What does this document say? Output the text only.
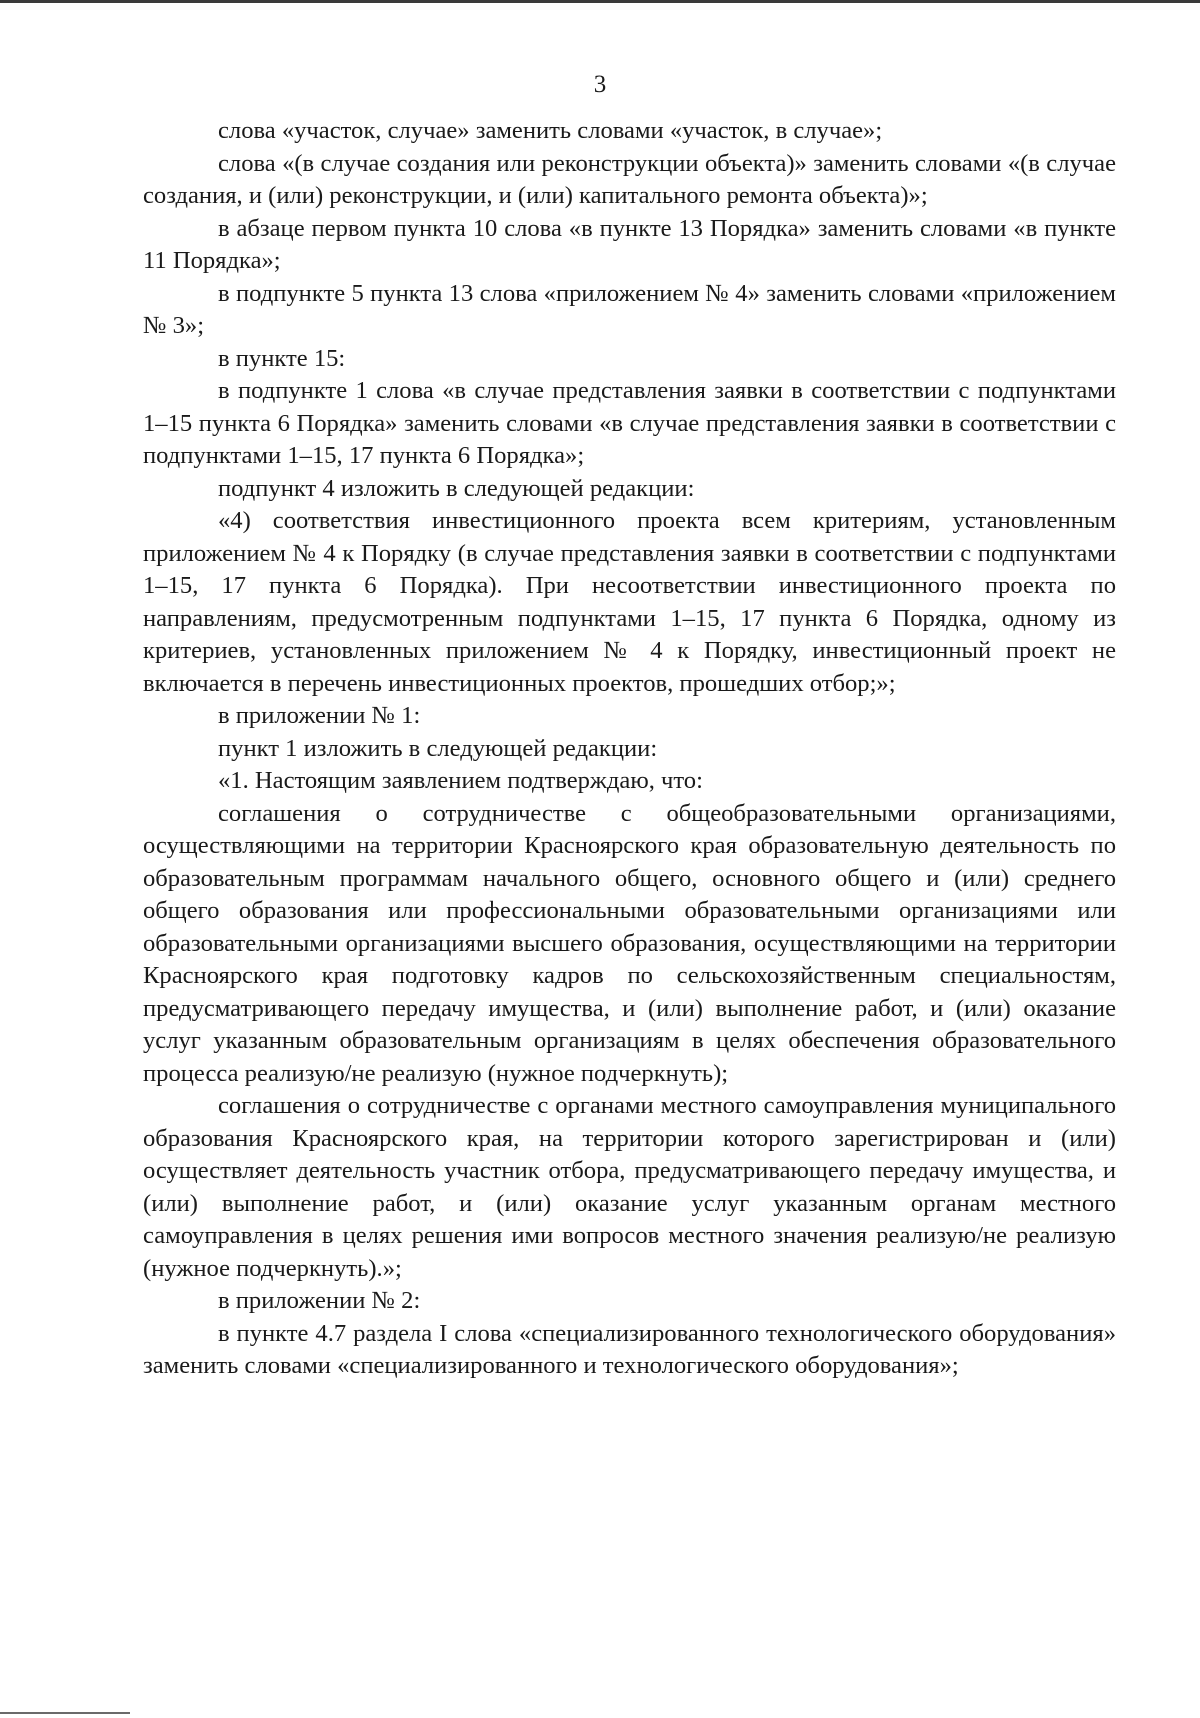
3

слова «участок, случае» заменить словами «участок, в случае»;

слова «(в случае создания или реконструкции объекта)» заменить словами «(в случае создания, и (или) реконструкции, и (или) капитального ремонта объекта)»;

в абзаце первом пункта 10 слова «в пункте 13 Порядка» заменить словами «в пункте 11 Порядка»;

в подпункте 5 пункта 13 слова «приложением № 4» заменить словами «приложением № 3»;

в пункте 15:

в подпункте 1 слова «в случае представления заявки в соответствии с подпунктами 1–15 пункта 6 Порядка» заменить словами «в случае представления заявки в соответствии с подпунктами 1–15, 17 пункта 6 Порядка»;

подпункт 4 изложить в следующей редакции:

«4) соответствия инвестиционного проекта всем критериям, установленным приложением № 4 к Порядку (в случае представления заявки в соответствии с подпунктами 1–15, 17 пункта 6 Порядка). При несоответствии инвестиционного проекта по направлениям, предусмотренным подпунктами 1–15, 17 пункта 6 Порядка, одному из критериев, установленных приложением № 4 к Порядку, инвестиционный проект не включается в перечень инвестиционных проектов, прошедших отбор;»;

в приложении № 1:

пункт 1 изложить в следующей редакции:

«1. Настоящим заявлением подтверждаю, что:

соглашения о сотрудничестве с общеобразовательными организациями, осуществляющими на территории Красноярского края образовательную деятельность по образовательным программам начального общего, основного общего и (или) среднего общего образования или профессиональными образовательными организациями или образовательными организациями высшего образования, осуществляющими на территории Красноярского края подготовку кадров по сельскохозяйственным специальностям, предусматривающего передачу имущества, и (или) выполнение работ, и (или) оказание услуг указанным образовательным организациям в целях обеспечения образовательного процесса реализую/не реализую (нужное подчеркнуть);

соглашения о сотрудничестве с органами местного самоуправления муниципального образования Красноярского края, на территории которого зарегистрирован и (или) осуществляет деятельность участник отбора, предусматривающего передачу имущества, и (или) выполнение работ, и (или) оказание услуг указанным органам местного самоуправления в целях решения ими вопросов местного значения реализую/не реализую (нужное подчеркнуть).»;

в приложении № 2:

в пункте 4.7 раздела I слова «специализированного технологического оборудования» заменить словами «специализированного и технологического оборудования»;
